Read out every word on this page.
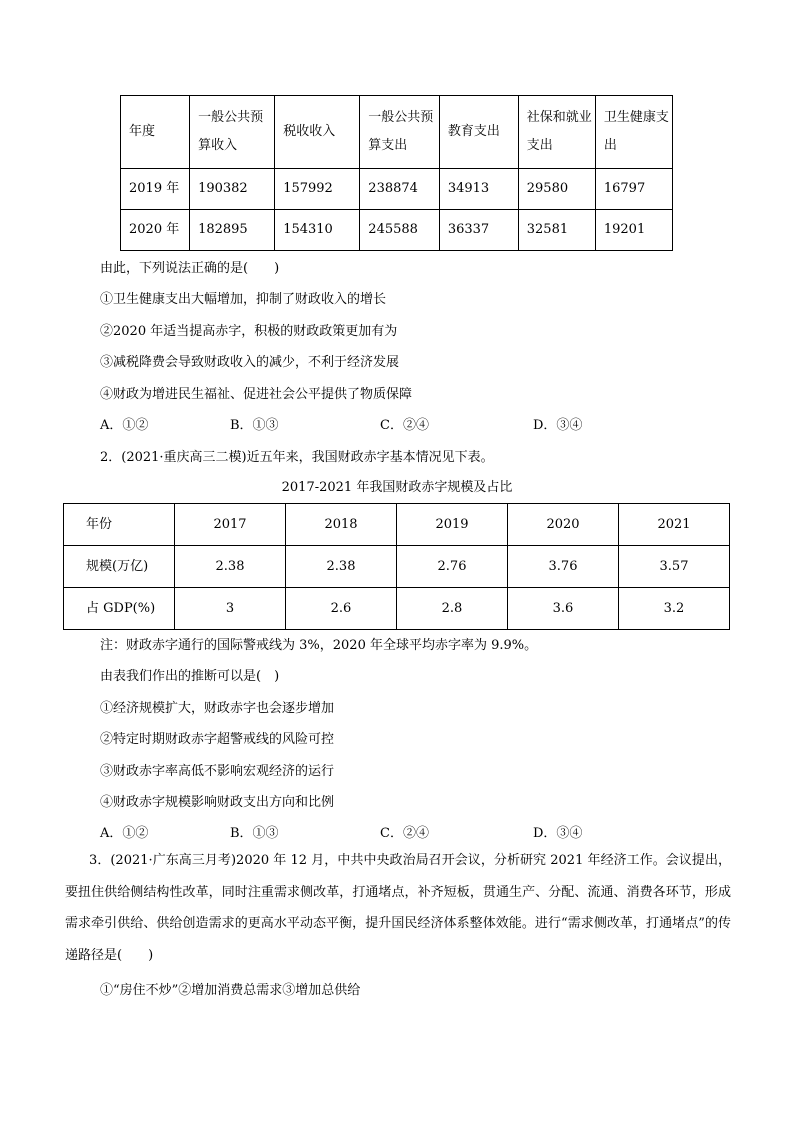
年度	一般公共预算收入	税收收入	一般公共预算支出	教育支出	社保和就业支出	卫生健康支出
2019 年	190382	157992	238874	34913	29580	16797
2020 年	182895	154310	245588	36337	32581	19201
由此，下列说法正确的是(　　)
①卫生健康支出大幅增加，抑制了财政收入的增长
②2020 年适当提高赤字，积极的财政政策更加有为
③减税降费会导致财政收入的减少，不利于经济发展
④财政为增进民生福祉、促进社会公平提供了物质保障
A．①②	B．①③	C．②④	D．③④
2．(2021·重庆高三二模)近五年来，我国财政赤字基本情况见下表。
2017-2021 年我国财政赤字规模及占比
年份	2017	2018	2019	2020	2021
规模(万亿)	2.38	2.38	2.76	3.76	3.57
占 GDP(%)	3	2.6	2.8	3.6	3.2
注：财政赤字通行的国际警戒线为 3%，2020 年全球平均赤字率为 9.9%。
由表我们作出的推断可以是(　)
①经济规模扩大，财政赤字也会逐步增加
②特定时期财政赤字超警戒线的风险可控
③财政赤字率高低不影响宏观经济的运行
④财政赤字规模影响财政支出方向和比例
A．①②	B．①③	C．②④	D．③④
3．(2021·广东高三月考)2020 年 12 月，中共中央政治局召开会议，分析研究 2021 年经济工作。会议提出，要扭住供给侧结构性改革，同时注重需求侧改革，打通堵点，补齐短板，贯通生产、分配、流通、消费各环节，形成需求牵引供给、供给创造需求的更高水平动态平衡，提升国民经济体系整体效能。进行“需求侧改革，打通堵点”的传递路径是(　　)
①“房住不炒”②增加消费总需求③增加总供给
